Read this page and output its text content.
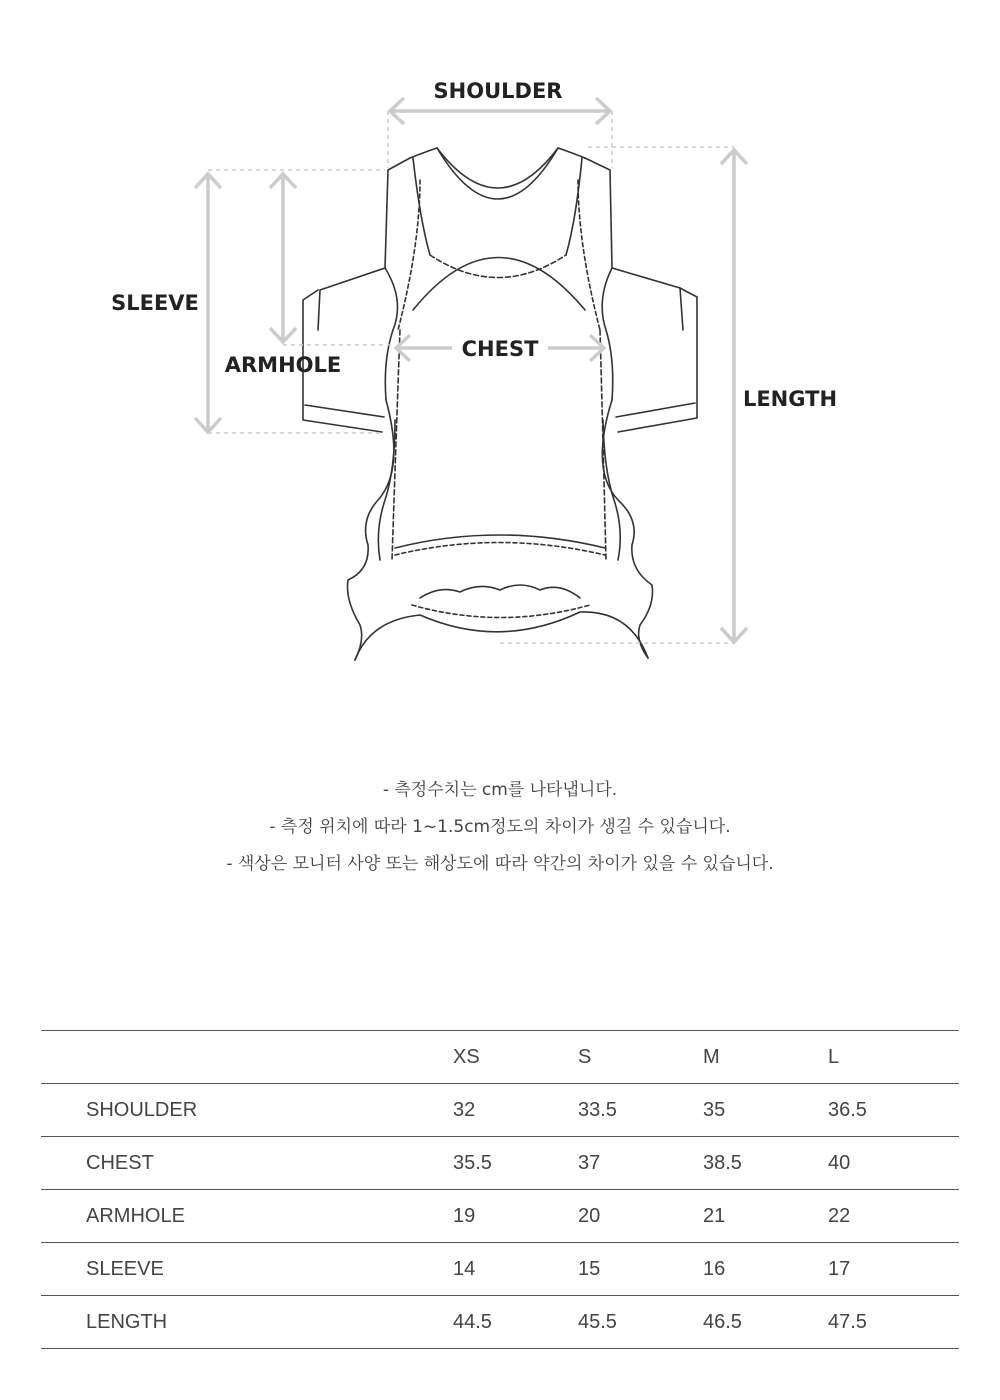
SHOULDER
SLEEVE
ARMHOLE
CHEST
LENGTH

- 측정수치는 cm를 나타냅니다.

- 측정 위치에 따라 1~1.5cm정도의 차이가 생길 수 있습니다.

- 색상은 모니터 사양 또는 해상도에 따라 약간의 차이가 있을 수 있습니다.

	XS	S	M	L
SHOULDER	32	33.5	35	36.5
CHEST	35.5	37	38.5	40
ARMHOLE	19	20	21	22
SLEEVE	14	15	16	17
LENGTH	44.5	45.5	46.5	47.5
